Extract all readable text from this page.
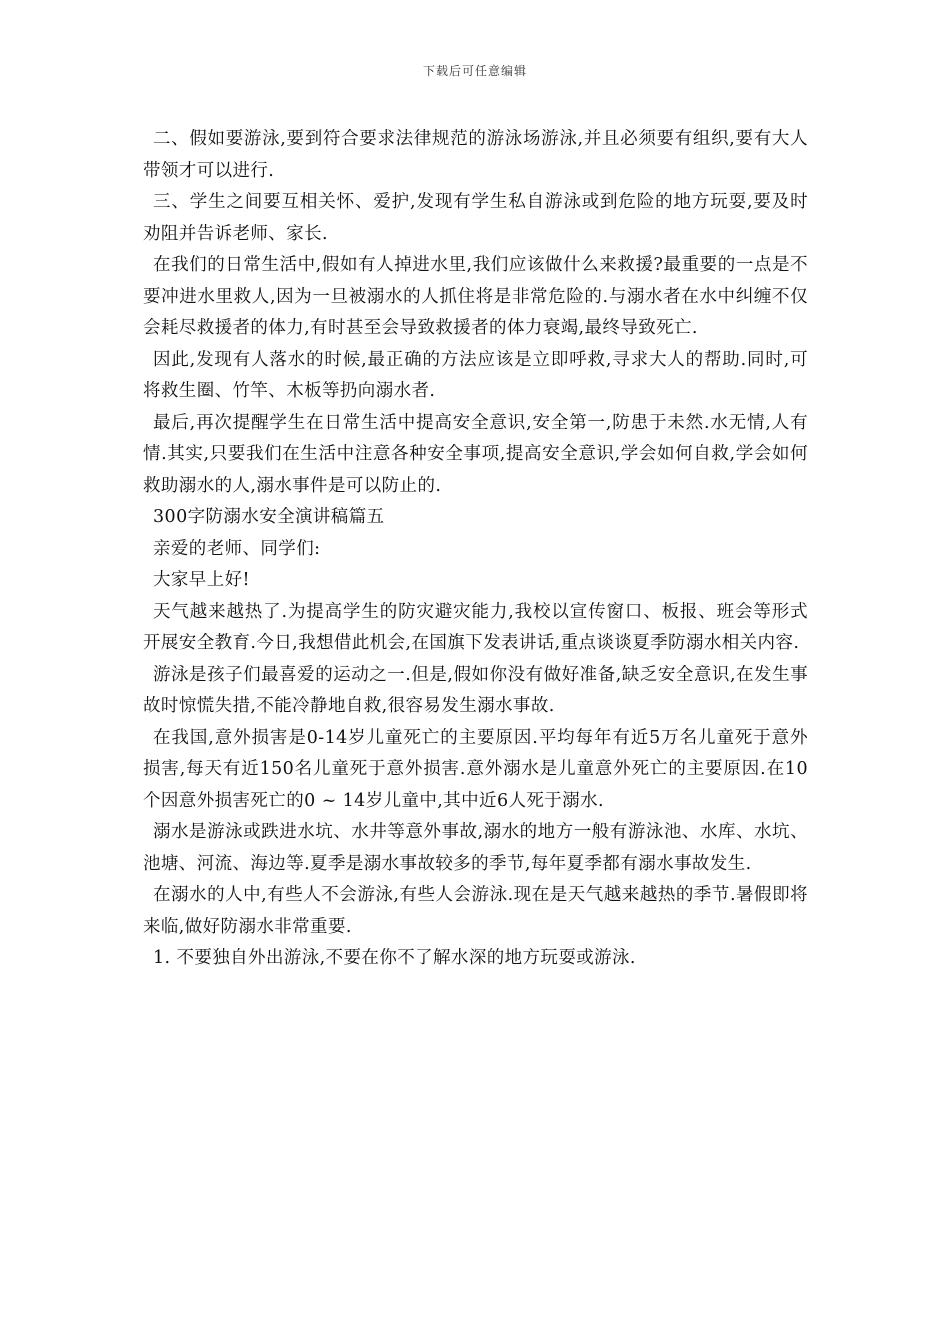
下载后可任意编辑

二、假如要游泳,要到符合要求法律规范的游泳场游泳,并且必须要有组织,要有大人带领才可以进行.

三、学生之间要互相关怀、爱护,发现有学生私自游泳或到危险的地方玩耍,要及时劝阻并告诉老师、家长.

在我们的日常生活中,假如有人掉进水里,我们应该做什么来救援?最重要的一点是不要冲进水里救人,因为一旦被溺水的人抓住将是非常危险的.与溺水者在水中纠缠不仅会耗尽救援者的体力,有时甚至会导致救援者的体力衰竭,最终导致死亡.

因此,发现有人落水的时候,最正确的方法应该是立即呼救,寻求大人的帮助.同时,可将救生圈、竹竿、木板等扔向溺水者.

最后,再次提醒学生在日常生活中提高安全意识,安全第一,防患于未然.水无情,人有情.其实,只要我们在生活中注意各种安全事项,提高安全意识,学会如何自救,学会如何救助溺水的人,溺水事件是可以防止的.

300字防溺水安全演讲稿篇五

亲爱的老师、同学们:

大家早上好!

天气越来越热了.为提高学生的防灾避灾能力,我校以宣传窗口、板报、班会等形式开展安全教育.今日,我想借此机会,在国旗下发表讲话,重点谈谈夏季防溺水相关内容.

游泳是孩子们最喜爱的运动之一.但是,假如你没有做好准备,缺乏安全意识,在发生事故时惊慌失措,不能冷静地自救,很容易发生溺水事故.

在我国,意外损害是0-14岁儿童死亡的主要原因.平均每年有近5万名儿童死于意外损害,每天有近150名儿童死于意外损害.意外溺水是儿童意外死亡的主要原因.在10个因意外损害死亡的0 ~ 14岁儿童中,其中近6人死于溺水.

溺水是游泳或跌进水坑、水井等意外事故,溺水的地方一般有游泳池、水库、水坑、池塘、河流、海边等.夏季是溺水事故较多的季节,每年夏季都有溺水事故发生.

在溺水的人中,有些人不会游泳,有些人会游泳.现在是天气越来越热的季节.暑假即将来临,做好防溺水非常重要.

1. 不要独自外出游泳,不要在你不了解水深的地方玩耍或游泳.
